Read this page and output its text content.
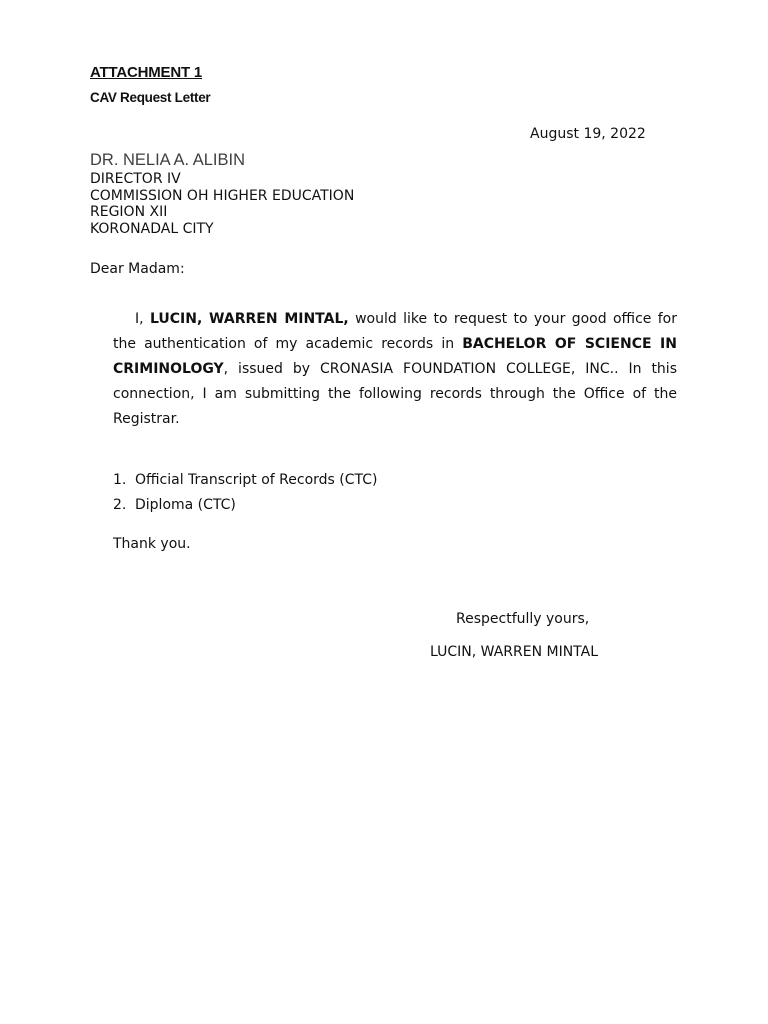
ATTACHMENT 1
CAV Request Letter
August 19, 2022
DR. NELIA A. ALIBIN
DIRECTOR IV
COMMISSION OH HIGHER EDUCATION
REGION XII
KORONADAL CITY
Dear Madam:
I, LUCIN, WARREN MINTAL, would like to request to your good office for the authentication of my academic records in BACHELOR OF SCIENCE IN CRIMINOLOGY, issued by CRONASIA FOUNDATION COLLEGE, INC.. In this connection, I am submitting the following records through the Office of the Registrar.
1. Official Transcript of Records (CTC)
2. Diploma (CTC)
Thank you.
Respectfully yours,
LUCIN, WARREN MINTAL
